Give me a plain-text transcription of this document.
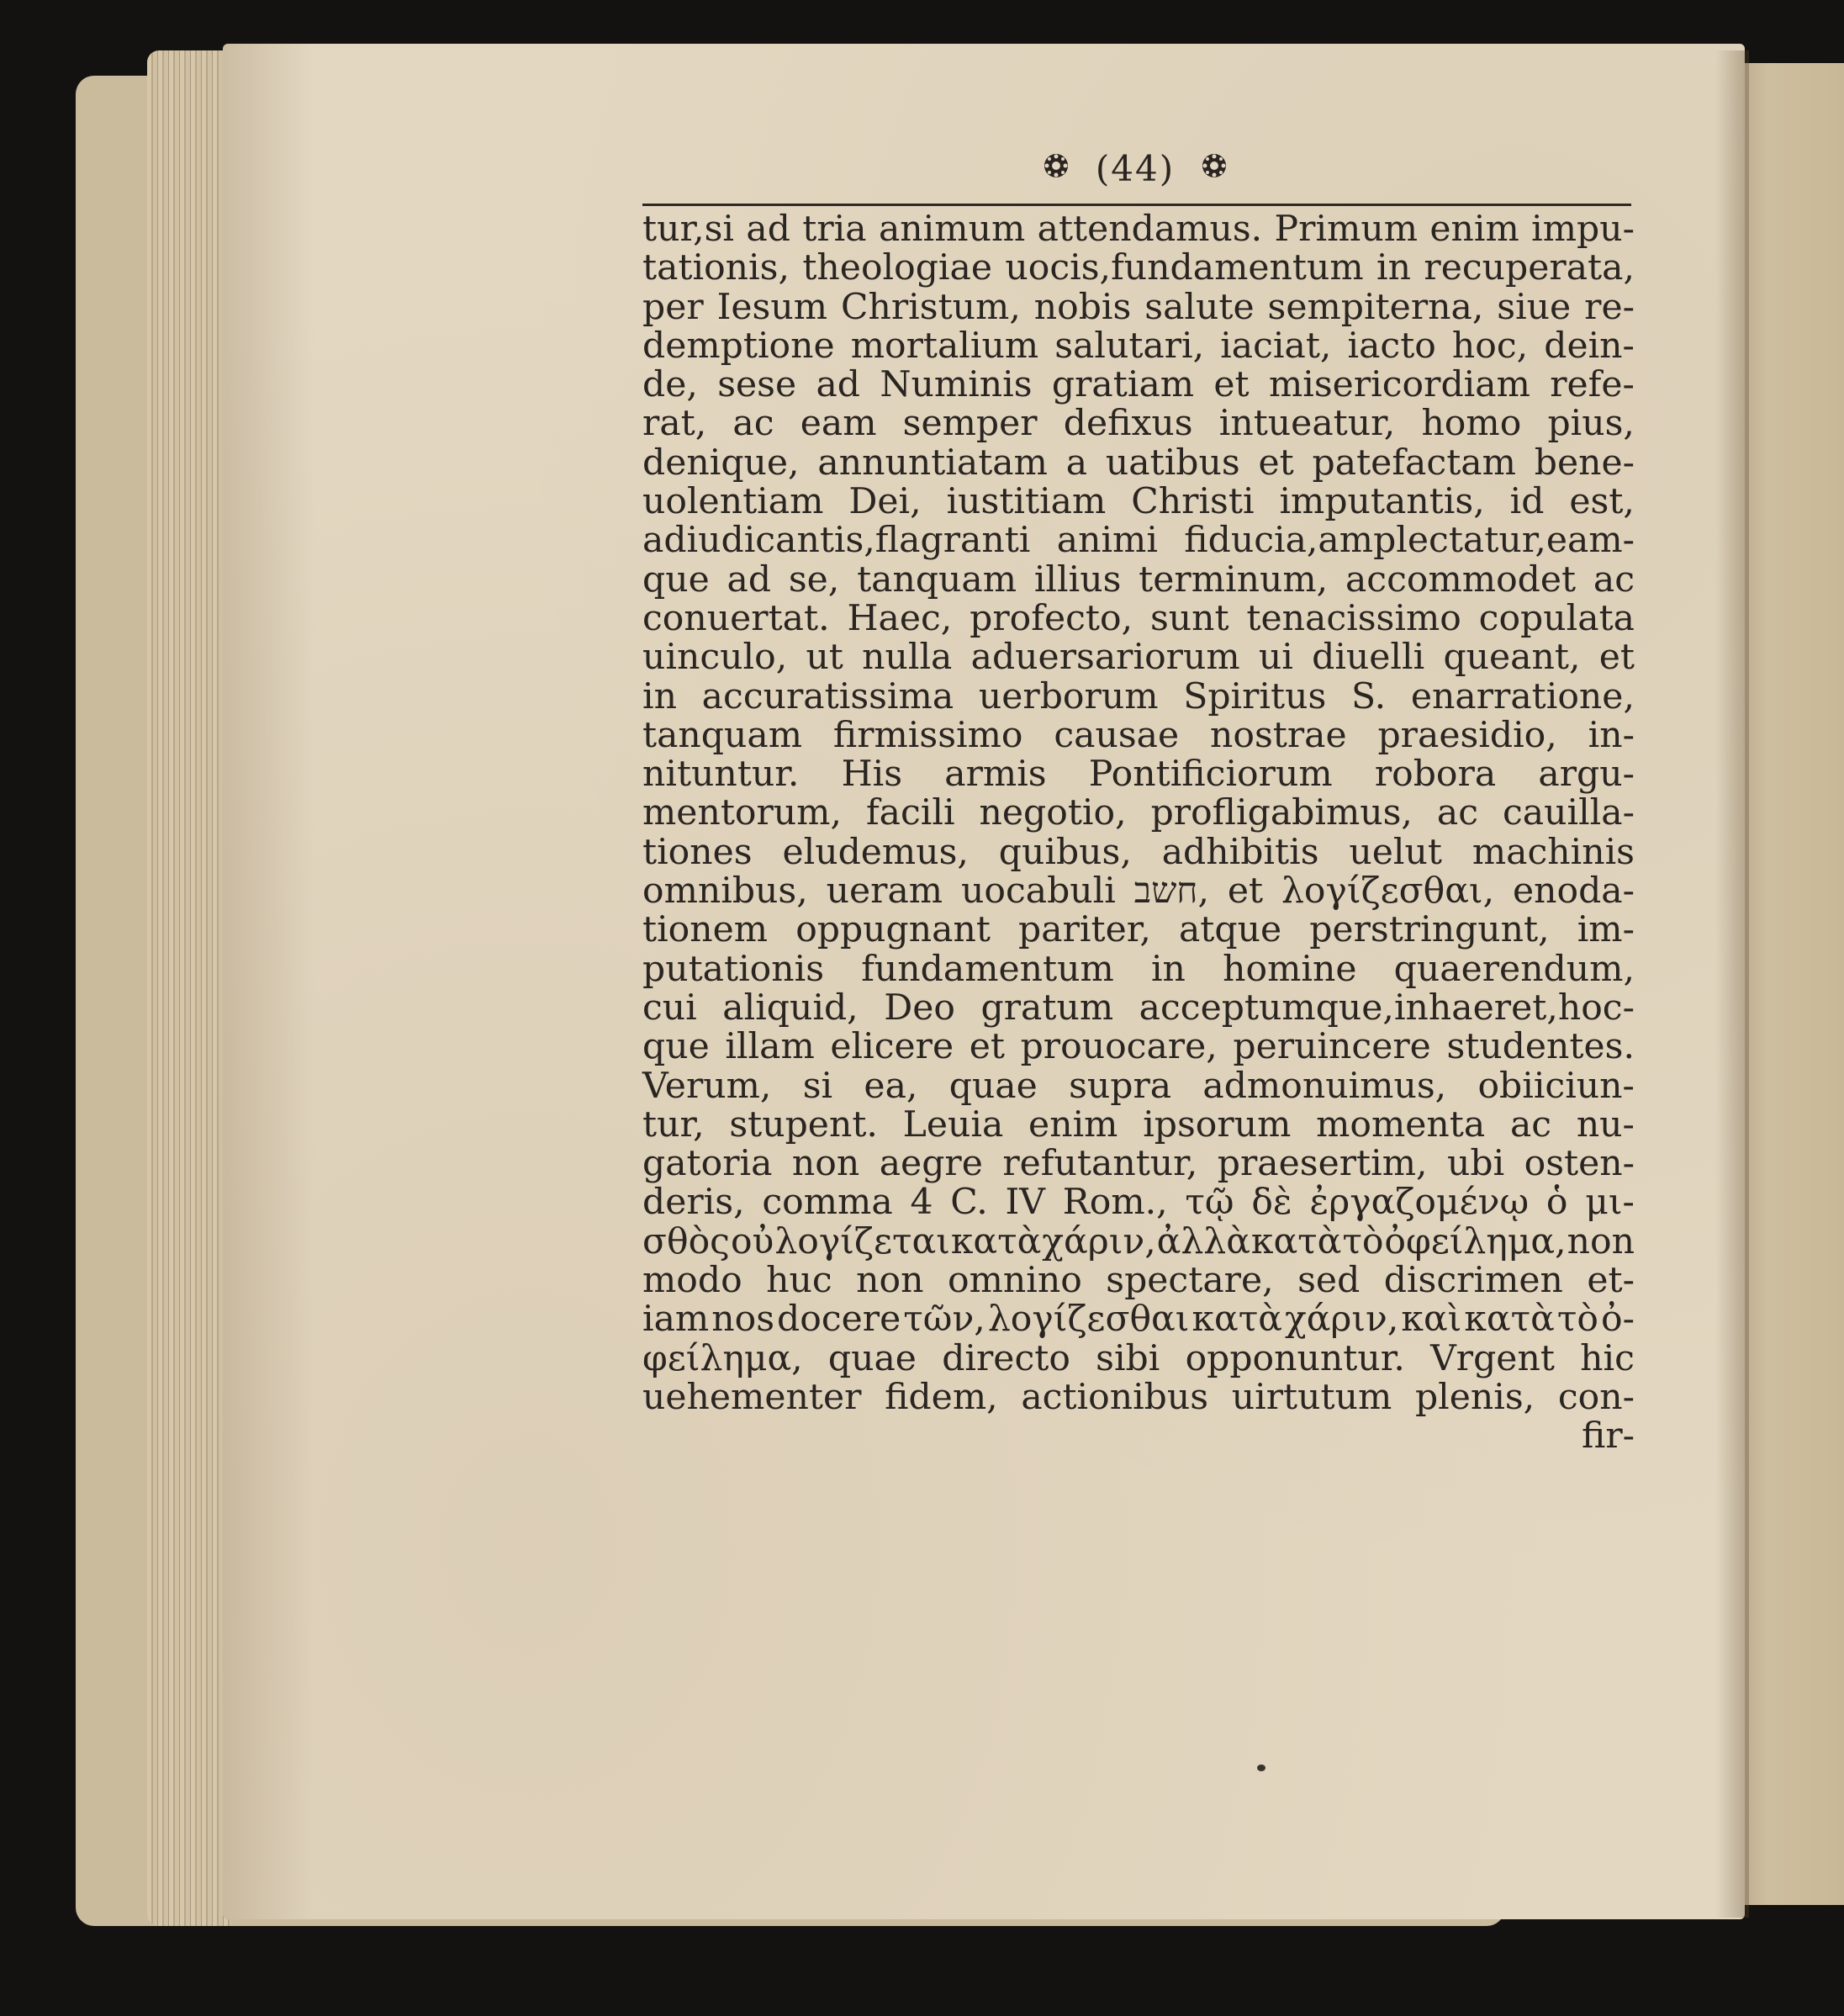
(44)
tur,si ad tria animum attendamus. Primum enim impu-
tationis, theologiae uocis,fundamentum in recuperata,
per Iesum Christum, nobis salute sempiterna, siue re-
demptione mortalium salutari, iaciat, iacto hoc, dein-
de, sese ad Numinis gratiam et misericordiam refe-
rat, ac eam semper defixus intueatur, homo pius,
denique, annuntiatam a uatibus et patefactam bene-
uolentiam Dei, iustitiam Christi imputantis, id est,
adiudicantis,flagranti animi fiducia,amplectatur,eam-
que ad se, tanquam illius terminum, accommodet ac
conuertat. Haec, profecto, sunt tenacissimo copulata
uinculo, ut nulla aduersariorum ui diuelli queant, et
in accuratissima uerborum Spiritus S. enarratione,
tanquam firmissimo causae nostrae praesidio, in-
nituntur. His armis Pontificiorum robora argu-
mentorum, facili negotio, profligabimus, ac cauilla-
tiones eludemus, quibus, adhibitis uelut machinis
omnibus, ueram uocabuli חשב, et λογίζεσθαι, enoda-
tionem oppugnant pariter, atque perstringunt, im-
putationis fundamentum in homine quaerendum,
cui aliquid, Deo gratum acceptumque,inhaeret,hoc-
que illam elicere et prouocare, peruincere studentes.
Verum, si ea, quae supra admonuimus, obiiciun-
tur, stupent. Leuia enim ipsorum momenta ac nu-
gatoria non aegre refutantur, praesertim, ubi osten-
deris, comma 4 C. IV Rom., τῷ δὲ ἐργαζομένῳ ὁ μι-
σθὸς οὐ λογίζεται κατὰ χάριν, ἀλλὰ κατὰ τὸ ὀφείλημα, non
modo huc non omnino spectare, sed discrimen et-
iam nos docere τῶν, λογίζεσθαι κατὰ χάριν, καὶ κατὰ τὸ ὀ-
φείλημα, quae directo sibi opponuntur. Vrgent hic
uehementer fidem, actionibus uirtutum plenis, con-
fir-
